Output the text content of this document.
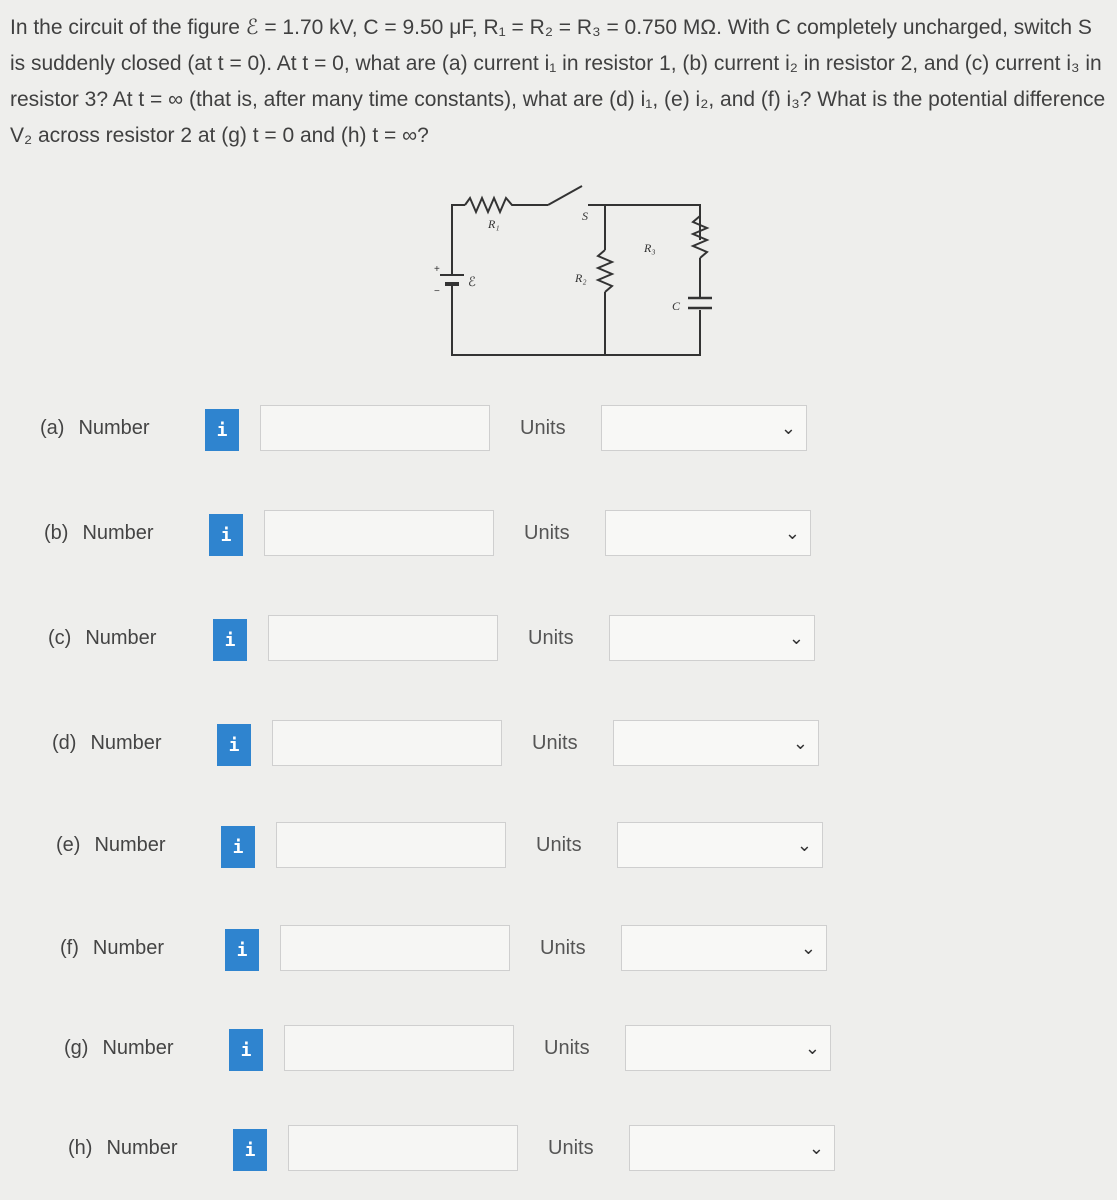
In the circuit of the figure ℰ = 1.70 kV, C = 9.50 μF, R₁ = R₂ = R₃ = 0.750 MΩ. With C completely uncharged, switch S is suddenly closed (at t = 0). At t = 0, what are (a) current i₁ in resistor 1, (b) current i₂ in resistor 2, and (c) current i₃ in resistor 3? At t = ∞ (that is, after many time constants), what are (d) i₁, (e) i₂, and (f) i₃? What is the potential difference V₂ across resistor 2 at (g) t = 0 and (h) t = ∞?

R₁
S
R₂
R₃
C
ℰ
+
−
(a) Number	i	Units	⌄
(b) Number	i	Units	⌄
(c) Number	i	Units	⌄
(d) Number	i	Units	⌄
(e) Number	i	Units	⌄
(f) Number	i	Units	⌄
(g) Number	i	Units	⌄
(h) Number	i	Units	⌄
